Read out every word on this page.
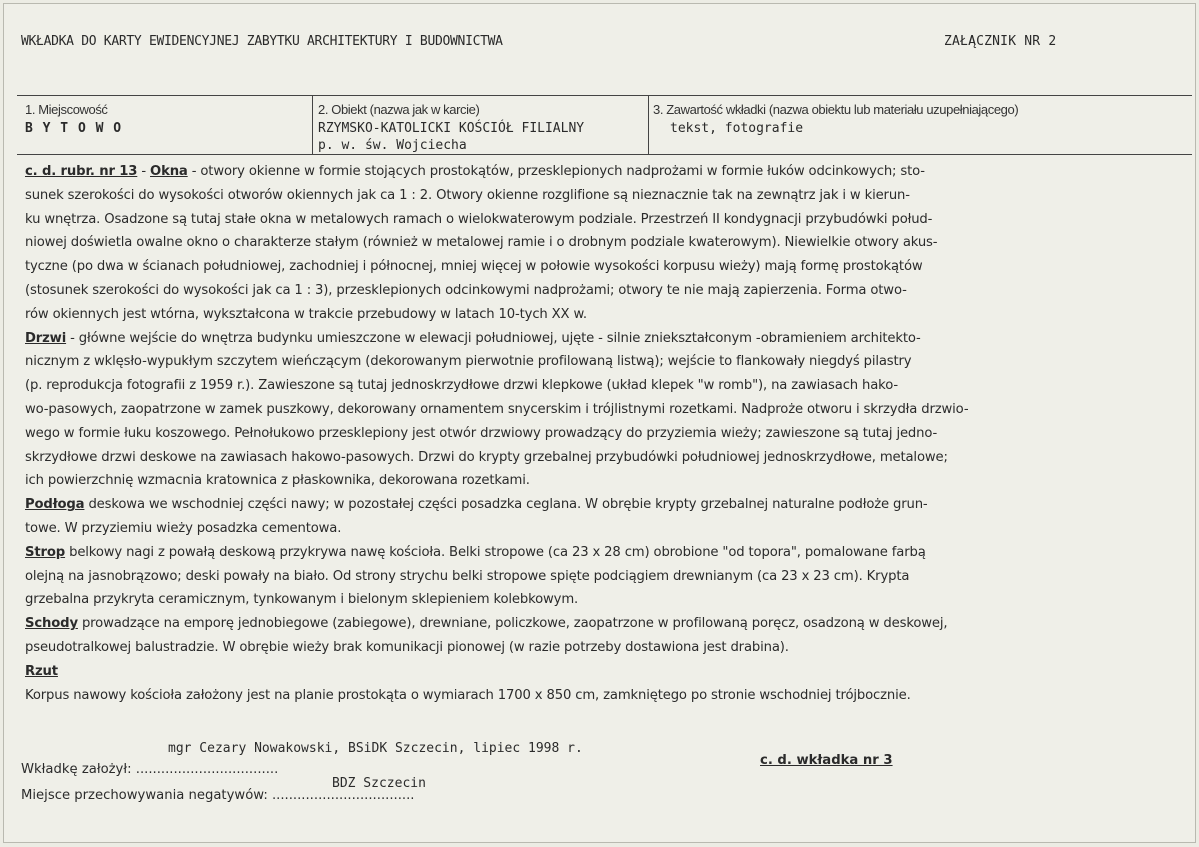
WKŁADKA DO KARTY EWIDENCYJNEJ ZABYTKU ARCHITEKTURY I BUDOWNICTWA	ZAŁĄCZNIK NR 2
1. Miejscowość
B Y T O W O
2. Obiekt (nazwa jak w karcie)
RZYMSKO-KATOLICKI KOŚCIÓŁ FILIALNY
p. w. św. Wojciecha
3. Zawartość wkładki (nazwa obiektu lub materiału uzupełniającego)
tekst, fotografie
c. d. rubr. nr 13 - Okna - otwory okienne w formie stojących prostokątów, przesklepionych nadprożami w formie łuków odcinkowych; sto-
sunek szerokości do wysokości otworów okiennych jak ca 1 : 2. Otwory okienne rozglifione są nieznacznie tak na zewnątrz jak i w kierun-
ku wnętrza. Osadzone są tutaj stałe okna w metalowych ramach o wielokwaterowym podziale. Przestrzeń II kondygnacji przybudówki połud-
niowej doświetla owalne okno o charakterze stałym (również w metalowej ramie i o drobnym podziale kwaterowym). Niewielkie otwory akus-
tyczne (po dwa w ścianach południowej, zachodniej i północnej, mniej więcej w połowie wysokości korpusu wieży) mają formę prostokątów
(stosunek szerokości do wysokości jak ca 1 : 3), przesklepionych odcinkowymi nadprożami; otwory te nie mają zapierzenia. Forma otwo-
rów okiennych jest wtórna, wykształcona w trakcie przebudowy w latach 10-tych XX w.
Drzwi - główne wejście do wnętrza budynku umieszczone w elewacji południowej, ujęte - silnie zniekształconym -obramieniem architekto-
nicznym z wklęsło-wypukłym szczytem wieńczącym (dekorowanym pierwotnie profilowaną listwą); wejście to flankowały niegdyś pilastry
(p. reprodukcja fotografii z 1959 r.). Zawieszone są tutaj jednoskrzydłowe drzwi klepkowe (układ klepek "w romb"), na zawiasach hako-
wo-pasowych, zaopatrzone w zamek puszkowy, dekorowany ornamentem snycerskim i trójlistnymi rozetkami. Nadproże otworu i skrzydła drzwio-
wego w formie łuku koszowego. Pełnołukowo przesklepiony jest otwór drzwiowy prowadzący do przyziemia wieży; zawieszone są tutaj jedno-
skrzydłowe drzwi deskowe na zawiasach hakowo-pasowych. Drzwi do krypty grzebalnej przybudówki południowej jednoskrzydłowe, metalowe;
ich powierzchnię wzmacnia kratownica z płaskownika, dekorowana rozetkami.
Podłoga deskowa we wschodniej części nawy; w pozostałej części posadzka ceglana. W obrębie krypty grzebalnej naturalne podłoże grun-
towe. W przyziemiu wieży posadzka cementowa.
Strop belkowy nagi z powałą deskową przykrywa nawę kościoła. Belki stropowe (ca 23 x 28 cm) obrobione "od topora", pomalowane farbą
olejną na jasnobrązowo; deski powały na biało. Od strony strychu belki stropowe spięte podciągiem drewnianym (ca 23 x 23 cm). Krypta
grzebalna przykryta ceramicznym, tynkowanym i bielonym sklepieniem kolebkowym.
Schody prowadzące na emporę jednobiegowe (zabiegowe), drewniane, policzkowe, zaopatrzone w profilowaną poręcz, osadzoną w deskowej,
pseudotralkowej balustradzie. W obrębie wieży brak komunikacji pionowej (w razie potrzeby dostawiona jest drabina).
Rzut
Korpus nawowy kościoła założony jest na planie prostokąta o wymiarach 1700 x 850 cm, zamkniętego po stronie wschodniej trójbocznie.
mgr Cezary Nowakowski, BSiDK Szczecin, lipiec 1998 r.
Wkładkę założył: ..................................
c. d. wkładka nr 3
BDZ Szczecin
Miejsce przechowywania negatywów: ..................................
